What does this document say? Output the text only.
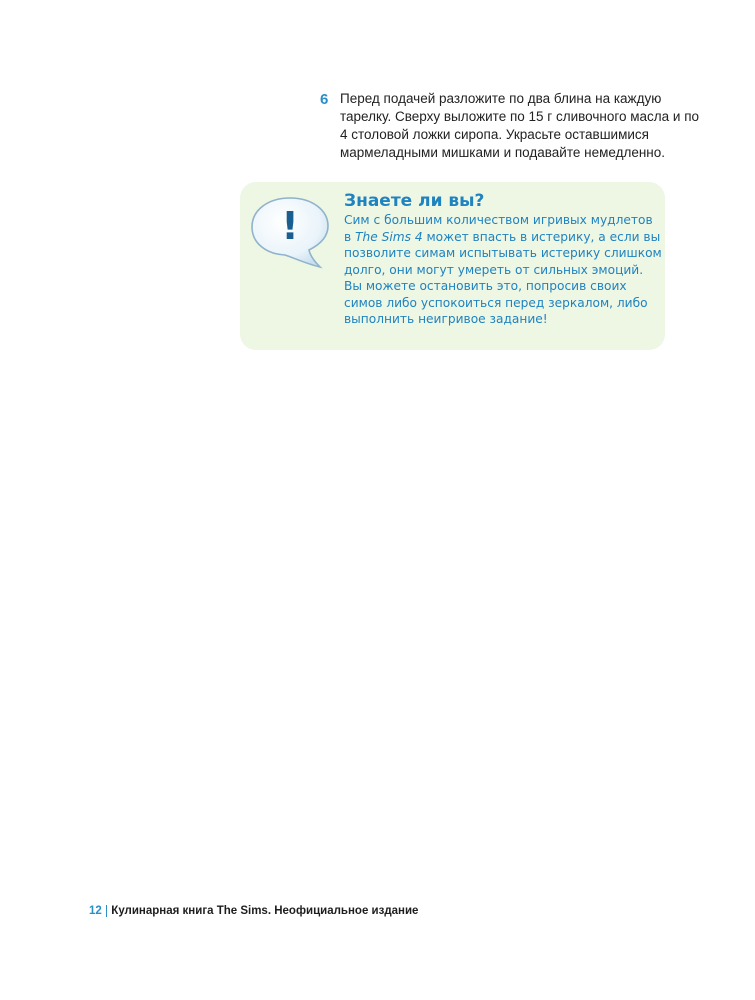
6 Перед подачей разложите по два блина на каждую тарелку. Сверху выложите по 15 г сливочного масла и по 4 столовой ложки сиропа. Украсьте оставшимися мармеладными мишками и подавайте немедленно.

!
Знаете ли вы?

Сим с большим количеством игривых мудлетов в The Sims 4 может впасть в истерику, а если вы позволите симам испытывать истерику слишком долго, они могут умереть от сильных эмоций. Вы можете остановить это, попросив своих симов либо успокоиться перед зеркалом, либо выполнить неигривое задание!

12 Кулинарная книга The Sims. Неофициальное издание
